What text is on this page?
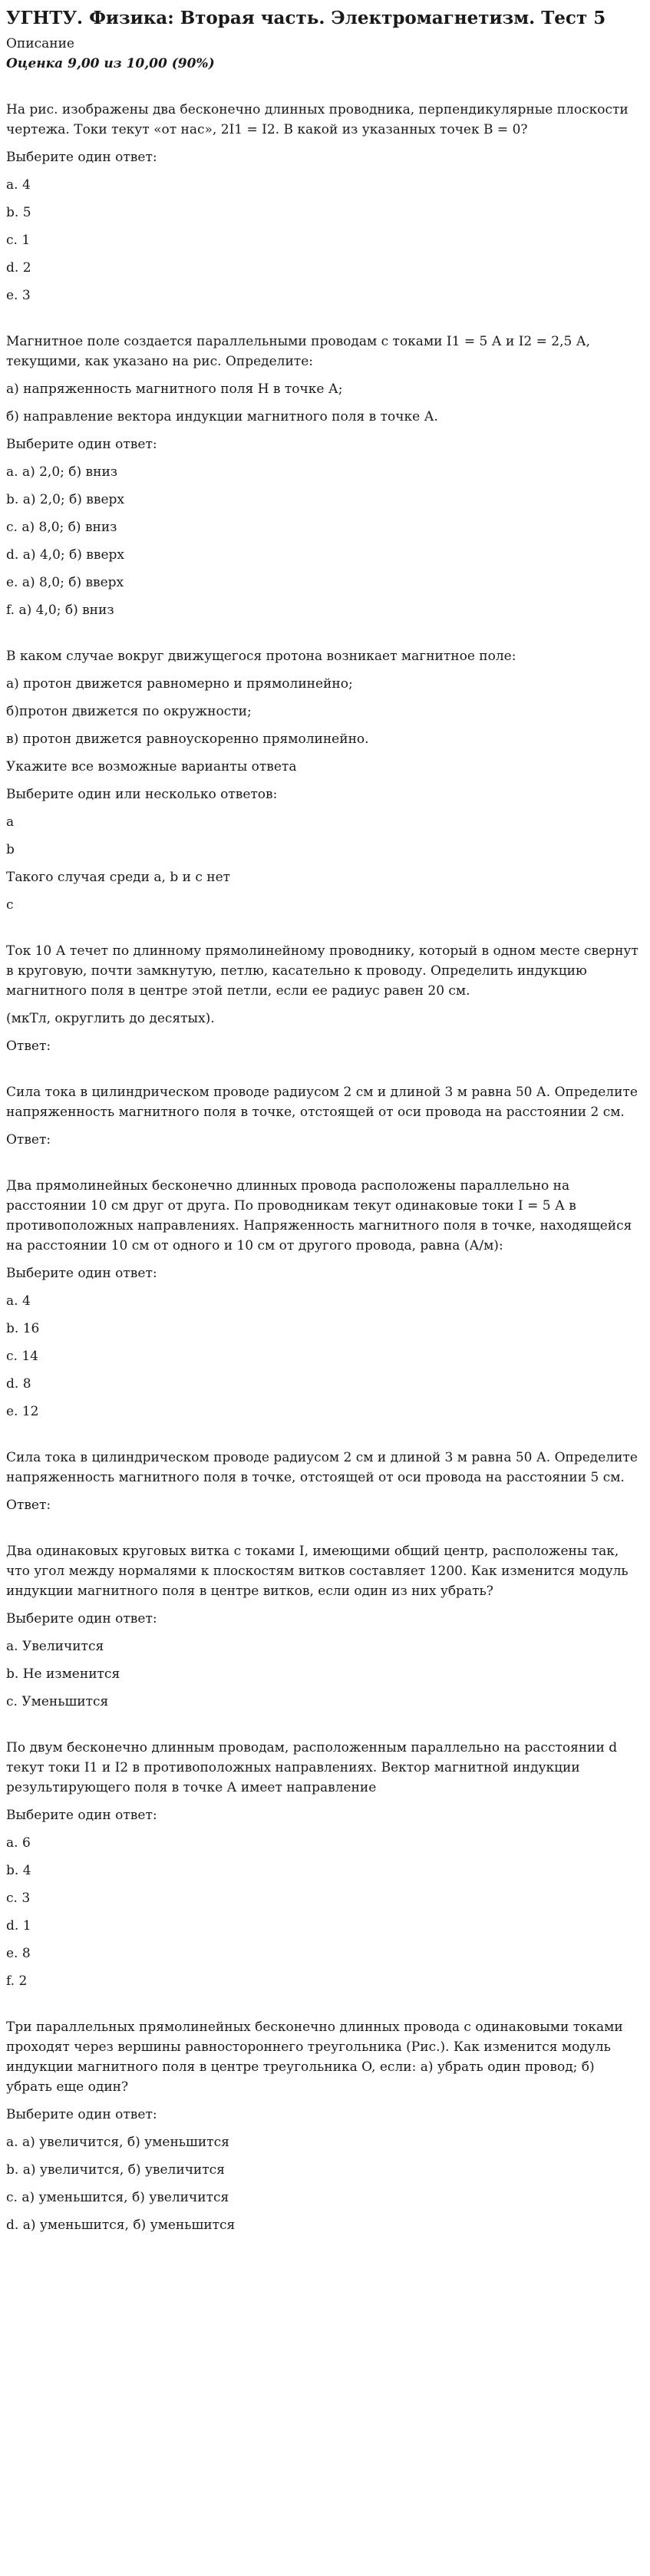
УГНТУ. Физика: Вторая часть. Электромагнетизм. Тест 5

Описание

Оценка 9,00 из 10,00 (90%)

На рис. изображены два бесконечно длинных проводника, перпендикулярные плоскости чертежа. Токи текут «от нас», 2I1 = I2. В какой из указанных точек В = 0?

Выберите один ответ:

a. 4
b. 5
c. 1
d. 2
e. 3

Магнитное поле создается параллельными проводам с токами I1 = 5 А и I2 = 2,5 А, текущими, как указано на рис. Определите:

а) напряженность магнитного поля Н в точке А;

б) направление вектора индукции магнитного поля в точке А.

Выберите один ответ:

a. а) 2,0; б) вниз
b. а) 2,0; б) вверх
c. а) 8,0; б) вниз
d. а) 4,0; б) вверх
e. а) 8,0; б) вверх
f. а) 4,0; б) вниз

В каком случае вокруг движущегося протона возникает магнитное поле:

а) протон движется равномерно и прямолинейно;

б)протон движется по окружности;

в) протон движется равноускоренно прямолинейно.

Укажите все возможные варианты ответа

Выберите один или несколько ответов:

a
b
Такого случая среди a, b и c нет
c

Ток 10 А течет по длинному прямолинейному проводнику, который в одном месте свернут в круговую, почти замкнутую, петлю, касательно к проводу. Определить индукцию магнитного поля в центре этой петли, если ее радиус равен 20 см.

(мкТл, округлить до десятых).

Ответ:

Сила тока в цилиндрическом проводе радиусом 2 см и длиной 3 м равна 50 А. Определите напряженность магнитного поля в точке, отстоящей от оси провода на расстоянии 2 см.

Ответ:

Два прямолинейных бесконечно длинных провода расположены параллельно на расстоянии 10 см друг от друга. По проводникам текут одинаковые токи I = 5 А в противоположных направлениях. Напряженность магнитного поля в точке, находящейся на расстоянии 10 см от одного и 10 см от другого провода, равна (А/м):

Выберите один ответ:

a. 4
b. 16
c. 14
d. 8
e. 12

Сила тока в цилиндрическом проводе радиусом 2 см и длиной 3 м равна 50 А. Определите напряженность магнитного поля в точке, отстоящей от оси провода на расстоянии 5 см.

Ответ:

Два одинаковых круговых витка с токами I, имеющими общий центр, расположены так, что угол между нормалями к плоскостям витков составляет 1200. Как изменится модуль индукции магнитного поля в центре витков, если один из них убрать?

Выберите один ответ:

a. Увеличится
b. Не изменится
c. Уменьшится

По двум бесконечно длинным проводам, расположенным параллельно на расстоянии d текут токи I1 и I2 в противоположных направлениях. Вектор магнитной индукции результирующего поля в точке А имеет направление

Выберите один ответ:

a. 6
b. 4
c. 3
d. 1
e. 8
f. 2

Три параллельных прямолинейных бесконечно длинных провода с одинаковыми токами проходят через вершины равностороннего треугольника (Рис.). Как изменится модуль индукции магнитного поля в центре треугольника O, если: а) убрать один провод; б) убрать еще один?

Выберите один ответ:

a. а) увеличится, б) уменьшится
b. а) увеличится, б) увеличится
c. а) уменьшится, б) увеличится
d. а) уменьшится, б) уменьшится
